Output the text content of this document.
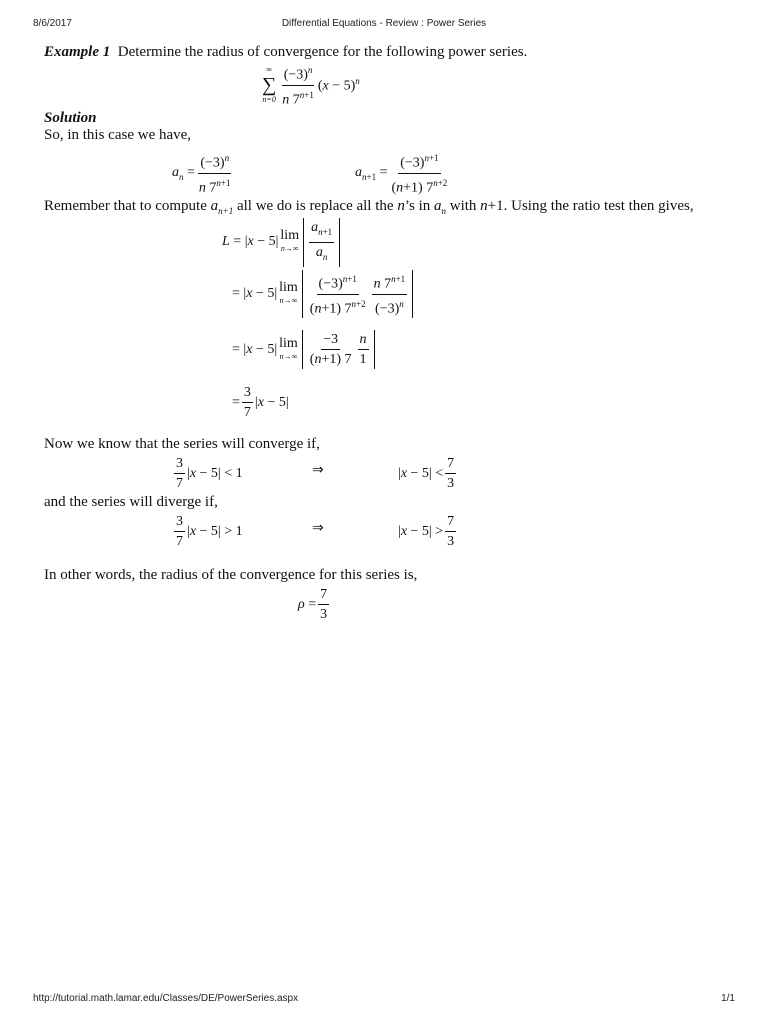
8/6/2017	Differential Equations - Review : Power Series
Example 1 Determine the radius of convergence for the following power series.
∞
∑
$n=0 \frac{(-3)^n}{n 7^{n+1}} (x - 5)^n$
Solution
So, in this case we have,
$a_n = \frac{(-3)^n}{n 7^{n+1}}$	$a_{n+1} = \frac{(-3)^{n+1}}{(n+1) 7^{n+2}}$
Remember that to compute $a_{n+1}$ all we do is replace all the n’s in $a_n$ with n+1. Using the ratio test then gives,
L = |x − 5| lim
$n\to\infty \frac{a_{n+1}}{a_n}$
= |x − 5| lim
$n\to\infty \frac{(-3)^{n+1}}{(n+1) 7^{n+2}} \frac{n 7^{n+1}}{(-3)^n}$
= |x − 5| lim
$n\to\infty \frac{-3}{(n+1) 7} \frac{n}{1}$
= $\frac{3}{7} |x - 5|$
Now we know that the series will converge if,
$\frac{3}{7} |x - 5| < 1$	⇒	$|x - 5| < \frac{7}{3}$
and the series will diverge if,
$\frac{3}{7} |x - 5| > 1$	⇒	$|x - 5| > \frac{7}{3}$
In other words, the radius of the convergence for this series is,
$\rho = \frac{7}{3}$
http://tutorial.math.lamar.edu/Classes/DE/PowerSeries.aspx	1/1
